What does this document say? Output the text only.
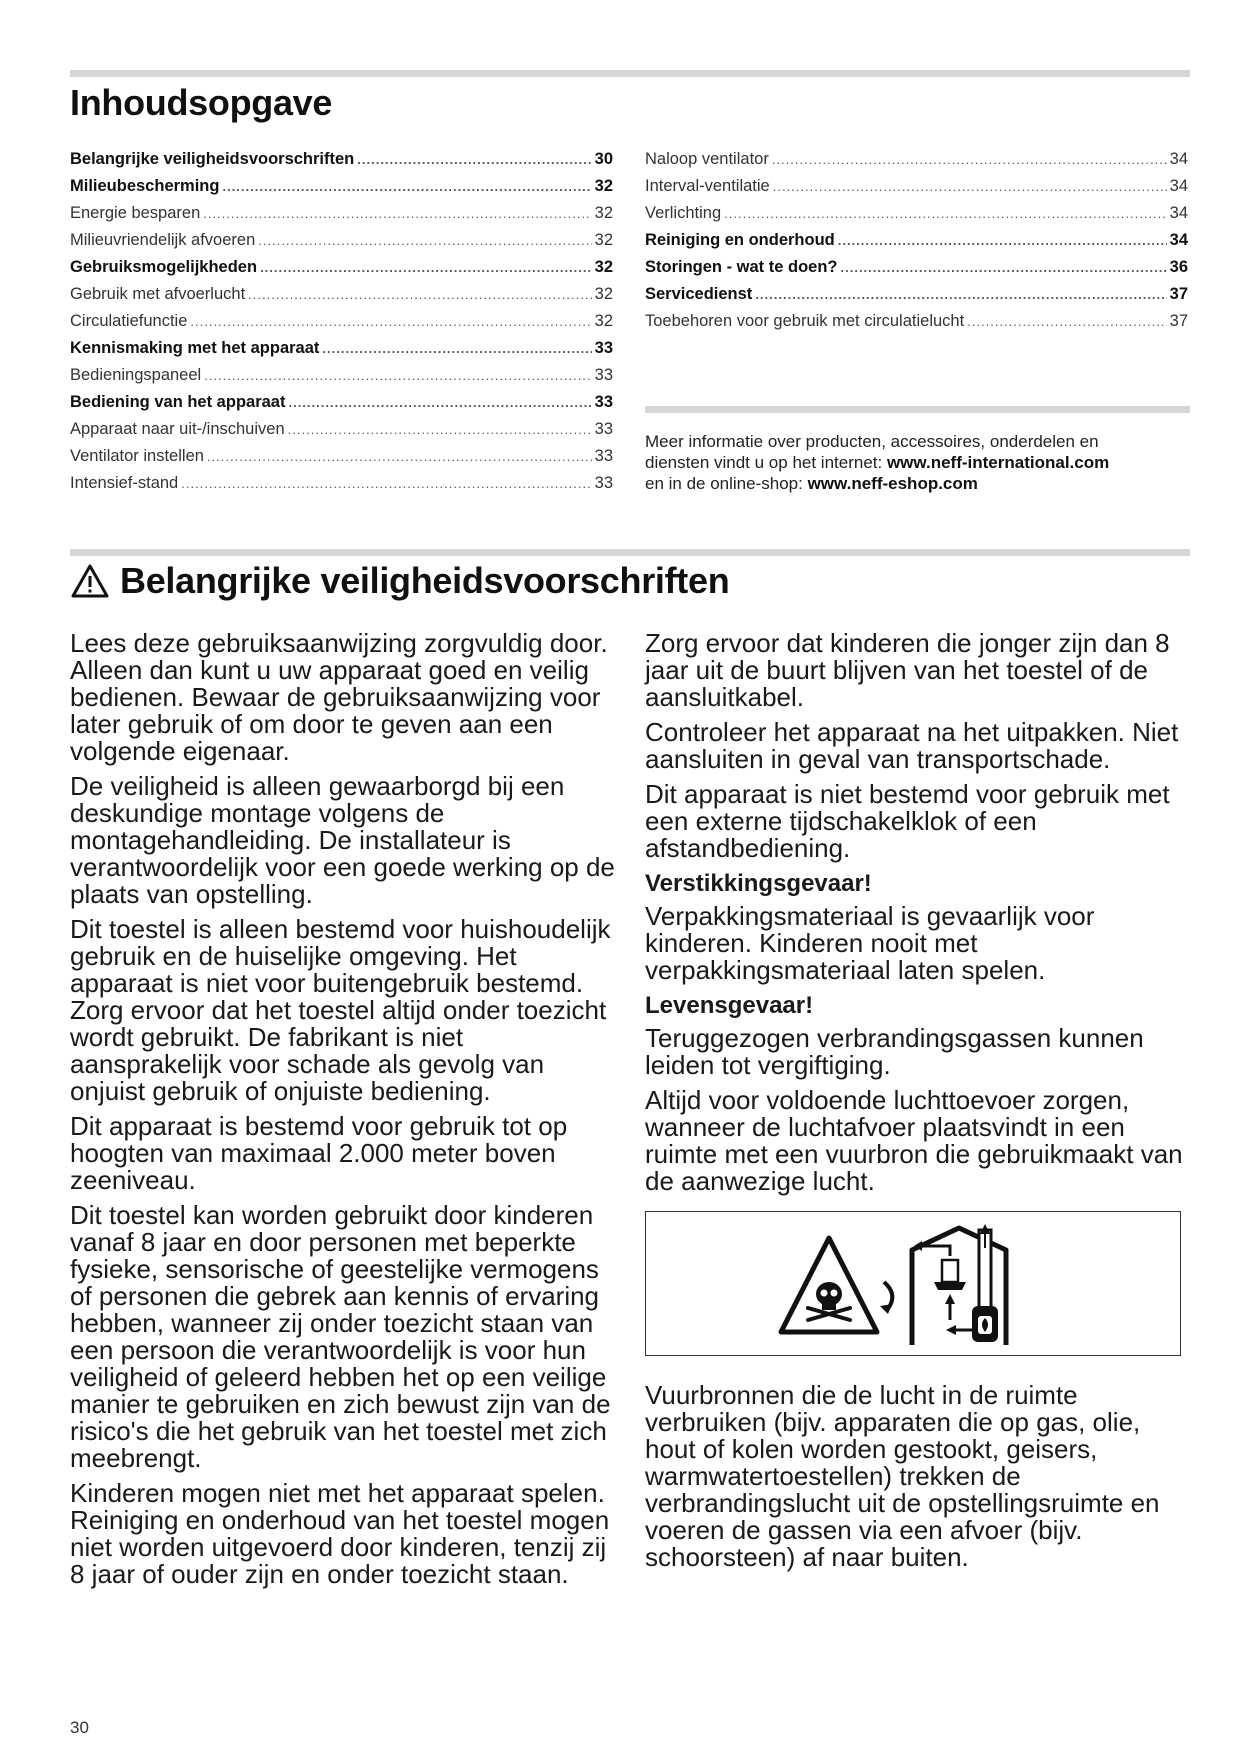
Inhoudsopgave
Belangrijke veiligheidsvoorschriften .....	30
Milieubescherming .....	32
Energie besparen .....	32
Milieuvriendelijk afvoeren .....	32
Gebruiksmogelijkheden .....	32
Gebruik met afvoerlucht .....	32
Circulatiefunctie .....	32
Kennismaking met het apparaat .....	33
Bedieningspaneel .....	33
Bediening van het apparaat .....	33
Apparaat naar uit-/inschuiven .....	33
Ventilator instellen .....	33
Intensief-stand .....	33
Naloop ventilator .....	34
Interval-ventilatie .....	34
Verlichting .....	34
Reiniging en onderhoud .....	34
Storingen - wat te doen? .....	36
Servicedienst .....	37
Toebehoren voor gebruik met circulatielucht .....	37
Meer informatie over producten, accessoires, onderdelen en
diensten vindt u op het internet: www.neff-international.com
en in de online-shop: www.neff-eshop.com
Belangrijke veiligheidsvoorschriften

Lees deze gebruiksaanwijzing zorgvuldig door. Alleen dan kunt u uw apparaat goed en veilig bedienen. Bewaar de gebruiksaanwijzing voor later gebruik of om door te geven aan een volgende eigenaar.

De veiligheid is alleen gewaarborgd bij een deskundige montage volgens de montagehandleiding. De installateur is verantwoordelijk voor een goede werking op de plaats van opstelling.

Dit toestel is alleen bestemd voor huishoudelijk gebruik en de huiselijke omgeving. Het apparaat is niet voor buitengebruik bestemd. Zorg ervoor dat het toestel altijd onder toezicht wordt gebruikt. De fabrikant is niet aansprakelijk voor schade als gevolg van onjuist gebruik of onjuiste bediening.

Dit apparaat is bestemd voor gebruik tot op hoogten van maximaal 2.000 meter boven zeeniveau.

Dit toestel kan worden gebruikt door kinderen vanaf 8 jaar en door personen met beperkte fysieke, sensorische of geestelijke vermogens of personen die gebrek aan kennis of ervaring hebben, wanneer zij onder toezicht staan van een persoon die verantwoordelijk is voor hun veiligheid of geleerd hebben het op een veilige manier te gebruiken en zich bewust zijn van de risico's die het gebruik van het toestel met zich meebrengt.

Kinderen mogen niet met het apparaat spelen. Reiniging en onderhoud van het toestel mogen niet worden uitgevoerd door kinderen, tenzij zij 8 jaar of ouder zijn en onder toezicht staan.

Zorg ervoor dat kinderen die jonger zijn dan 8 jaar uit de buurt blijven van het toestel of de aansluitkabel.

Controleer het apparaat na het uitpakken. Niet aansluiten in geval van transportschade.

Dit apparaat is niet bestemd voor gebruik met een externe tijdschakelklok of een afstandbediening.

Verstikkingsgevaar!

Verpakkingsmateriaal is gevaarlijk voor kinderen. Kinderen nooit met verpakkingsmateriaal laten spelen.

Levensgevaar!

Teruggezogen verbrandingsgassen kunnen leiden tot vergiftiging.

Altijd voor voldoende luchttoevoer zorgen, wanneer de luchtafvoer plaatsvindt in een ruimte met een vuurbron die gebruikmaakt van de aanwezige lucht.

Vuurbronnen die de lucht in de ruimte verbruiken (bijv. apparaten die op gas, olie, hout of kolen worden gestookt, geisers, warmwatertoestellen) trekken de verbrandingslucht uit de opstellingsruimte en voeren de gassen via een afvoer (bijv. schoorsteen) af naar buiten.

30
